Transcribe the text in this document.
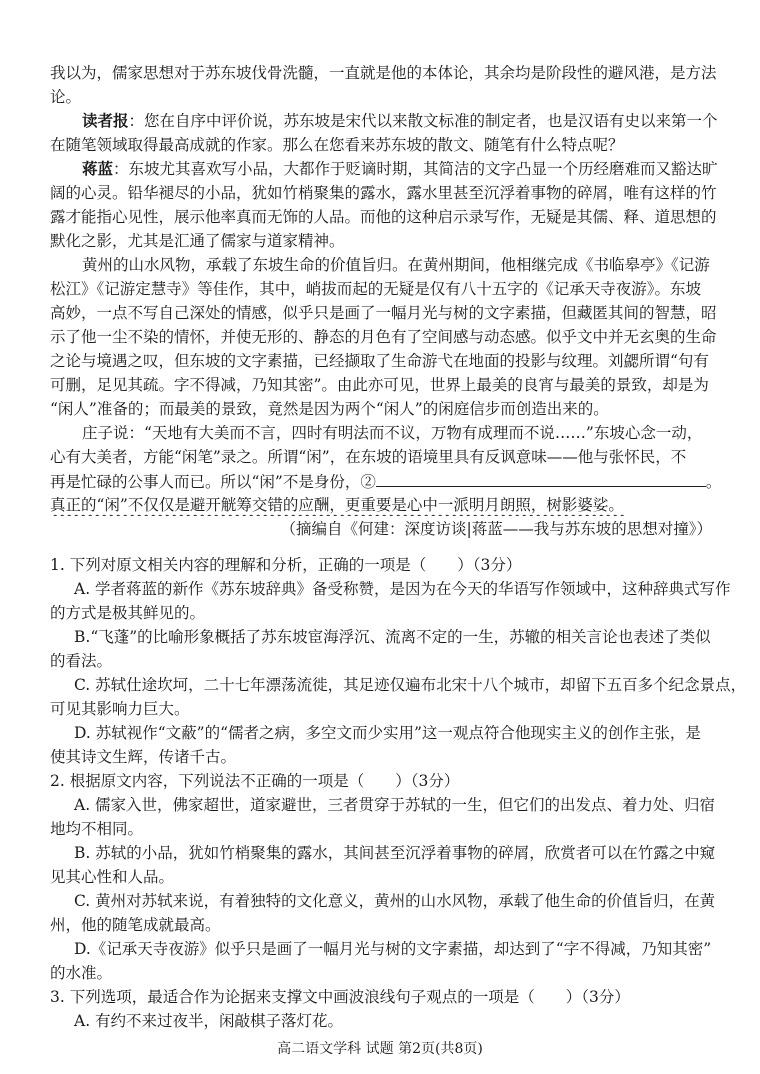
我以为，儒家思想对于苏东坡伐骨洗髓，一直就是他的本体论，其余均是阶段性的避风港，是方法
论。
读者报：您在自序中评价说，苏东坡是宋代以来散文标准的制定者，也是汉语有史以来第一个
在随笔领域取得最高成就的作家。那么在您看来苏东坡的散文、随笔有什么特点呢？
蒋蓝：东坡尤其喜欢写小品，大都作于贬谪时期，其简洁的文字凸显一个历经磨难而又豁达旷
阔的心灵。铅华褪尽的小品，犹如竹梢聚集的露水，露水里甚至沉浮着事物的碎屑，唯有这样的竹
露才能指心见性，展示他率真而无饰的人品。而他的这种启示录写作，无疑是其儒、释、道思想的
默化之影，尤其是汇通了儒家与道家精神。
黄州的山水风物，承载了东坡生命的价值旨归。在黄州期间，他相继完成《书临皋亭》《记游
松江》《记游定慧寺》等佳作，其中，峭拔而起的无疑是仅有八十五字的《记承天寺夜游》。东坡
高妙，一点不写自己深处的情感，似乎只是画了一幅月光与树的文字素描，但藏匿其间的智慧，昭
示了他一尘不染的情怀，并使无形的、静态的月色有了空间感与动态感。似乎文中并无玄奥的生命
之论与境遇之叹，但东坡的文字素描，已经撷取了生命游弋在地面的投影与纹理。刘勰所谓“句有
可删，足见其疏。字不得减，乃知其密”。由此亦可见，世界上最美的良宵与最美的景致，却是为
“闲人”准备的；而最美的景致，竟然是因为两个“闲人”的闲庭信步而创造出来的。
庄子说：“天地有大美而不言，四时有明法而不议，万物有成理而不说……”东坡心念一动，
心有大美者，方能“闲笔”录之。所谓“闲”，在东坡的语境里具有反讽意味——他与张怀民，不
再是忙碌的公事人而已。所以“闲”不是身份，②	。
真正的“闲”不仅仅是避开觥筹交错的应酬，更重要是心中一派明月朗照，树影婆娑。
（摘编自《何建：深度访谈|蒋蓝——我与苏东坡的思想对撞》）
1. 下列对原文相关内容的理解和分析，正确的一项是（　　）（3分）
A. 学者蒋蓝的新作《苏东坡辞典》备受称赞，是因为在今天的华语写作领域中，这种辞典式写作
的方式是极其鲜见的。
B.“飞蓬”的比喻形象概括了苏东坡宦海浮沉、流离不定的一生，苏辙的相关言论也表述了类似
的看法。
C. 苏轼仕途坎坷，二十七年漂荡流徙，其足迹仅遍布北宋十八个城市，却留下五百多个纪念景点，
可见其影响力巨大。
D. 苏轼视作“文蔽”的“儒者之病，多空文而少实用”这一观点符合他现实主义的创作主张，是
使其诗文生辉，传诸千古。
2. 根据原文内容，下列说法不正确的一项是（　　）（3分）
A. 儒家入世，佛家超世，道家避世，三者贯穿于苏轼的一生，但它们的出发点、着力处、归宿
地均不相同。
B. 苏轼的小品，犹如竹梢聚集的露水，其间甚至沉浮着事物的碎屑，欣赏者可以在竹露之中窥
见其心性和人品。
C. 黄州对苏轼来说，有着独特的文化意义，黄州的山水风物，承载了他生命的价值旨归，在黄
州，他的随笔成就最高。
D.《记承天寺夜游》似乎只是画了一幅月光与树的文字素描，却达到了“字不得减，乃知其密”
的水准。
3. 下列选项，最适合作为论据来支撑文中画波浪线句子观点的一项是（　　）（3分）
A. 有约不来过夜半，闲敲棋子落灯花。
高二语文学科 试题 第2页(共8页)
